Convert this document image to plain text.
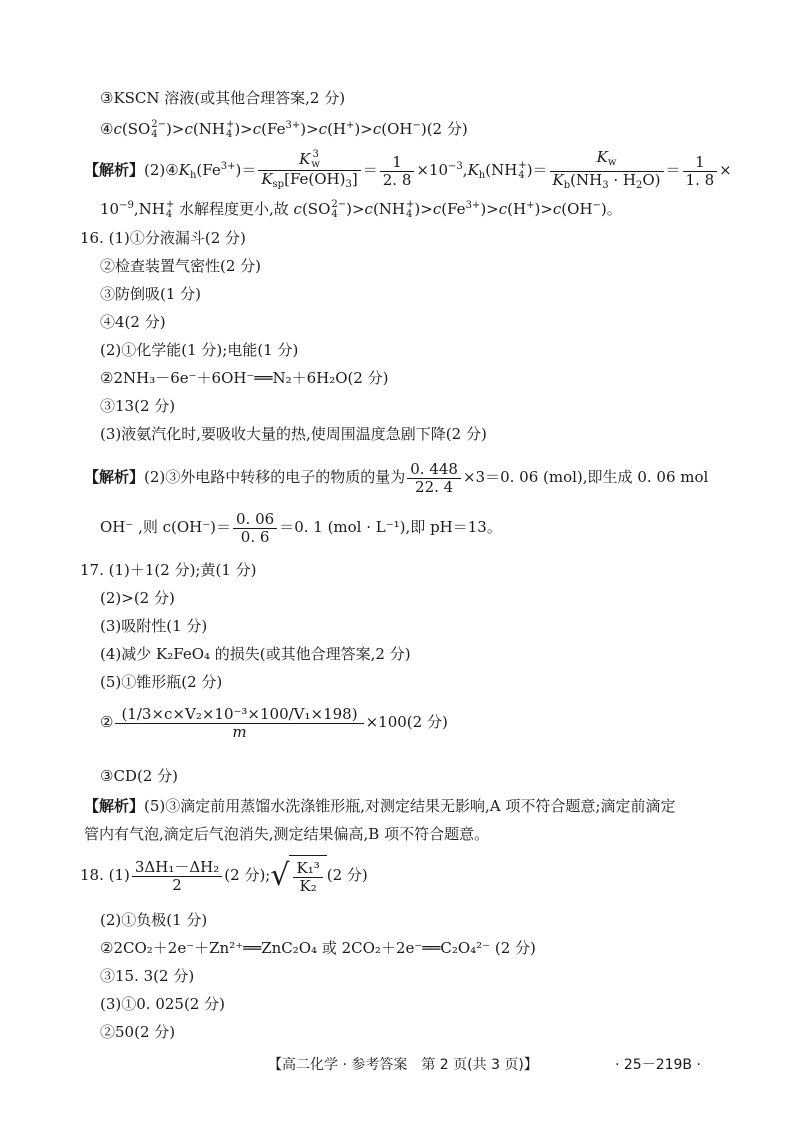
③KSCN 溶液(或其他合理答案,2 分)
④c(SO 2−
4 )>c(NH +
4 )$>c(Fe^{3+})>c(H^+)>c(OH^-)(2$ 分)
【解析】$(2)④K_h(Fe^{3+})= K$ 3
w
$K_{sp}[Fe(OH)_3] = \frac{1}{2. 8} \times 10^{-3},K_h(NH$ +
4 )＝ $\frac{K_w}{K_b(NH_3 \cdot H_2O)} = \frac{1}{1. 8}$ ×
$10^{-9},NH$ +
4 水解程度更小,故 c(SO 2−
4 )>c(NH +
4 )$>c(Fe^{3+})>c(H^+)>c(OH^-)$。
16. (1)①分液漏斗(2 分)
②检查装置气密性(2 分)
③防倒吸(1 分)
④4(2 分)
(2)①化学能(1 分);电能(1 分)
②2NH₃－6e⁻＋6OH⁻══N₂＋6H₂O(2 分)
③13(2 分)
(3)液氨汽化时,要吸收大量的热,使周围温度急剧下降(2 分)
【解析】(2)③外电路中转移的电子的物质的量为 $\frac{0. 448}{22. 4} \times 3=0$. 06 (mol),即生成 0. 06 mol
OH⁻ ,则 $c(OH^-)= \frac{0. 06}{0. 6} =0$. 1 (mol · L⁻¹),即 pH＝13。
17. (1)＋1(2 分);黄(1 分)
(2)>(2 分)
(3)吸附性(1 分)
(4)减少 K₂FeO₄ 的损失(或其他合理答案,2 分)
(5)①锥形瓶(2 分)
② $\frac{\text{(1/3×c×V₂×10⁻³×100/V₁×198)}}{m} \times 100(2$ 分)
③CD(2 分)
【解析】(5)③滴定前用蒸馏水洗涤锥形瓶,对测定结果无影响,A 项不符合题意;滴定前滴定
管内有气泡,滴定后气泡消失,测定结果偏高,B 项不符合题意。
18. $(1) \frac{\text{3ΔH₁－ΔH₂}}{2} (2$ 分);√ $\frac{\text{K₁³}}{\text{K₂}} (2$ 分)
(2)①负极(1 分)
②2CO₂＋2e⁻＋Zn²⁺══ZnC₂O₄ 或 2CO₂＋2e⁻══C₂O₄²⁻ (2 分)
③15. 3(2 分)
(3)①0. 025(2 分)
②50(2 分)
【高二化学 · 参考答案　第 2 页(共 3 页)】	· 25－219B ·
